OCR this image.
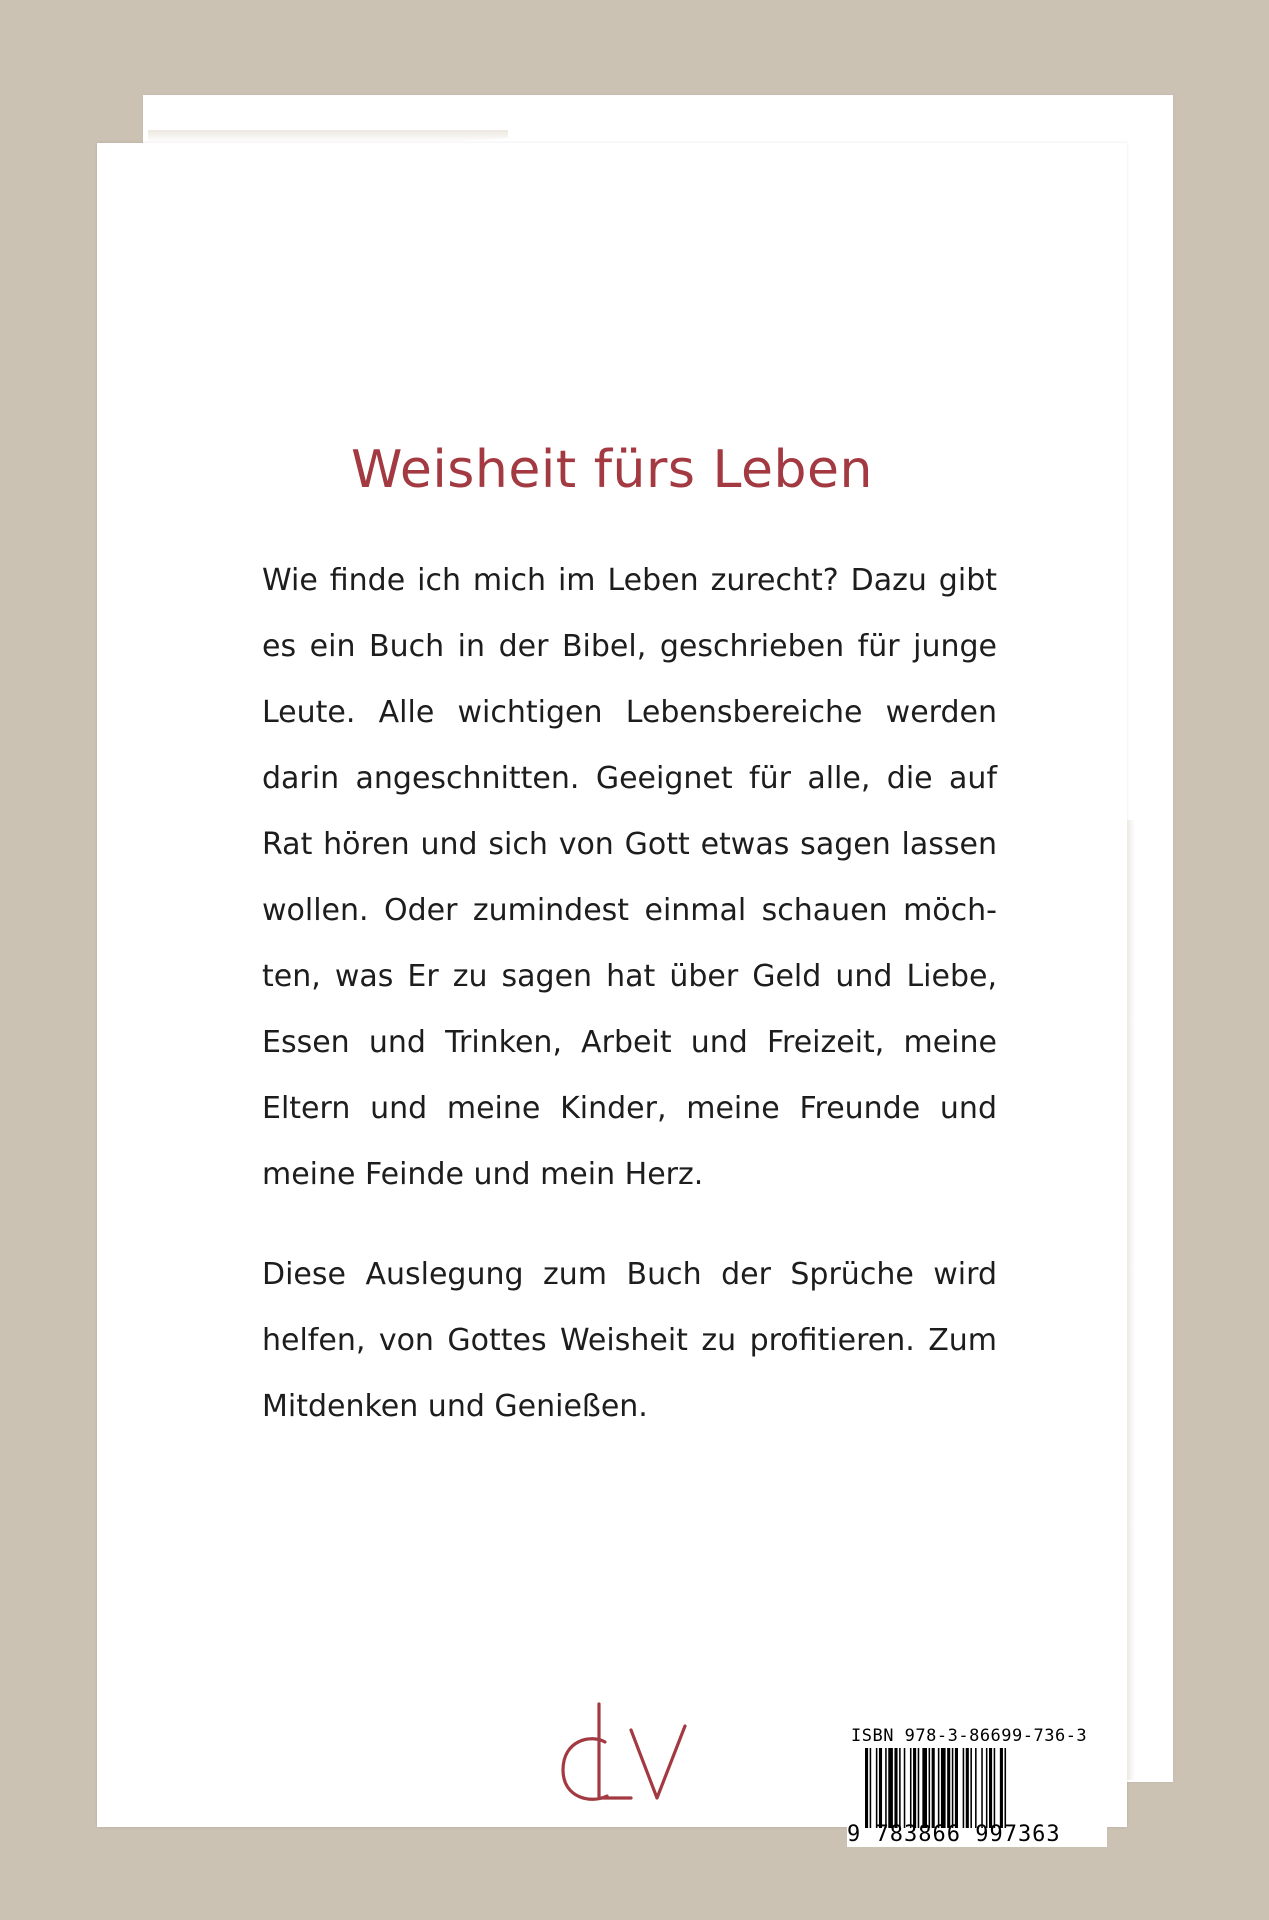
Weisheit fürs Leben
Wie finde ich mich im Leben zurecht? Dazu gibt
es ein Buch in der Bibel, geschrieben für junge
Leute. Alle wichtigen Lebensbereiche werden
darin angeschnitten. Geeignet für alle, die auf
Rat hören und sich von Gott etwas sagen lassen
wollen. Oder zumindest einmal schauen möch-
ten, was Er zu sagen hat über Geld und Liebe,
Essen und Trinken, Arbeit und Freizeit, meine
Eltern und meine Kinder, meine Freunde und
meine Feinde und mein Herz.
Diese Auslegung zum Buch der Sprüche wird
helfen, von Gottes Weisheit zu profitieren. Zum
Mitdenken und Genießen.
ISBN 978-3-86699-736-3
9 783866 997363
